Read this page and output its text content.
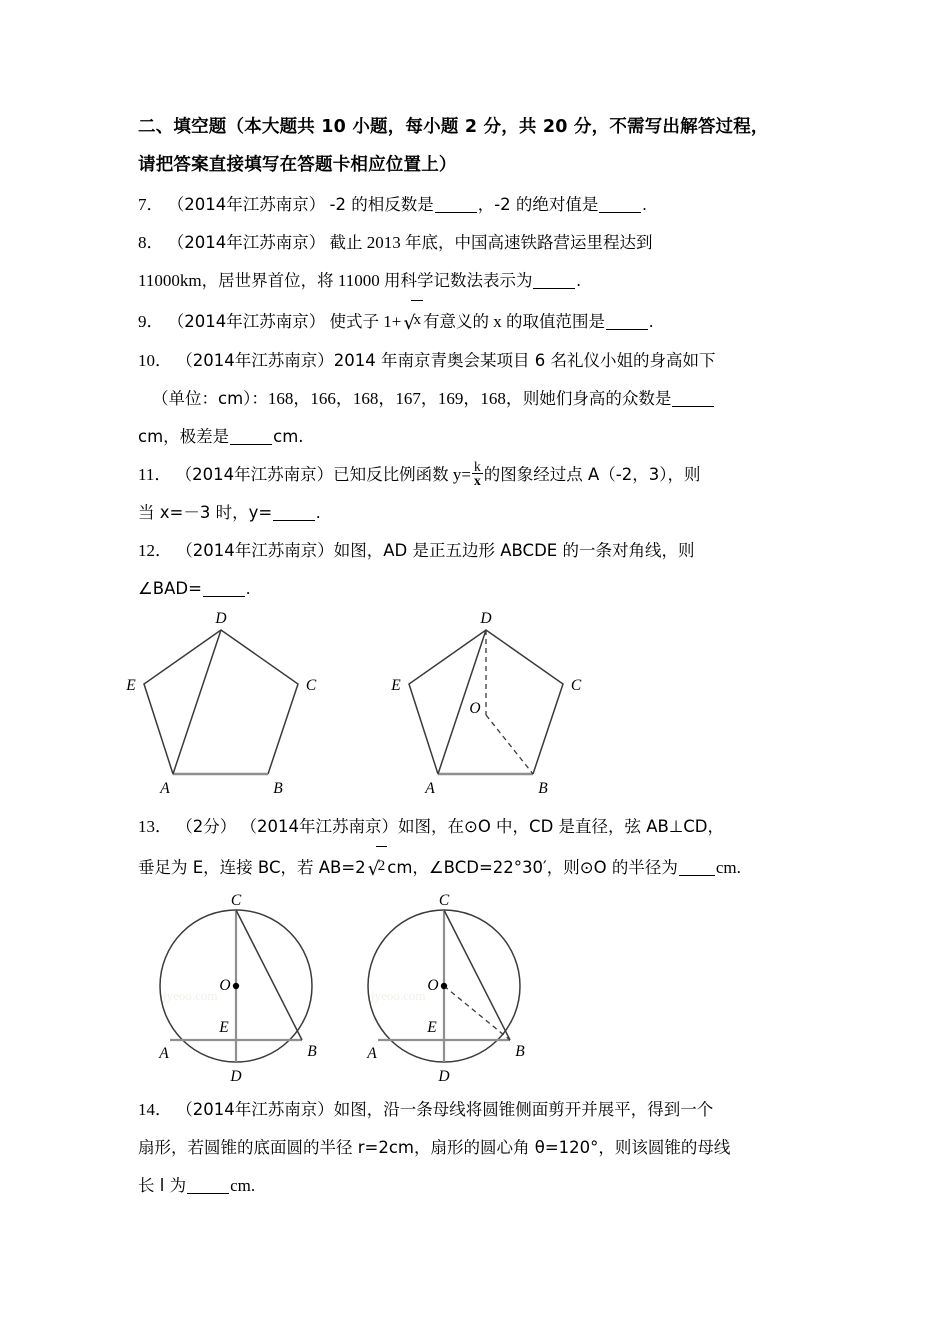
二、填空题（本大题共 10 小题，每小题 2 分，共 20 分，不需写出解答过程，
请把答案直接填写在答题卡相应位置上）
7． （2014年江苏南京） ‑2 的相反数是	，‑2 的绝对值是	.
8． （2014年江苏南京） 截止 2013 年底，中国高速铁路营运里程达到
11000km，居世界首位，将 11000 用科学记数法表示为	.
9． （2014年江苏南京） 使式子 1+ √x 有意义的 x 的取值范围是	.
10． （2014年江苏南京）2014 年南京青奥会某项目 6 名礼仪小姐的身高如下
（单位：cm）：168，166，168，167，169，168，则她们身高的众数是
cm，极差是	cm.
11． （2014年江苏南京）已知反比例函数 $y= \frac{k}{x}$ 的图象经过点 A（‑2，3），则
当 x=－3 时，y=	.
12． （2014年江苏南京）如图，AD 是正五边形 ABCDE 的一条对角线，则
∠BAD=	.
A	B
C
D
E
A	B
C
D
E
O
13． （2分） （2014年江苏南京）如图，在⊙O 中，CD 是直径，弦 AB⊥CD，
垂足为 E，连接 BC，若 AB=2 √2 cm，∠BCD=22°30′，则⊙O 的半径为 cm.
jyeoo.com
C
D
A	B
O
E
jyeoo.com
C
D
A	B
O
E
14． （2014年江苏南京）如图，沿一条母线将圆锥侧面剪开并展平，得到一个
扇形，若圆锥的底面圆的半径 r=2cm，扇形的圆心角 θ=120°，则该圆锥的母线
长 l 为	cm.
